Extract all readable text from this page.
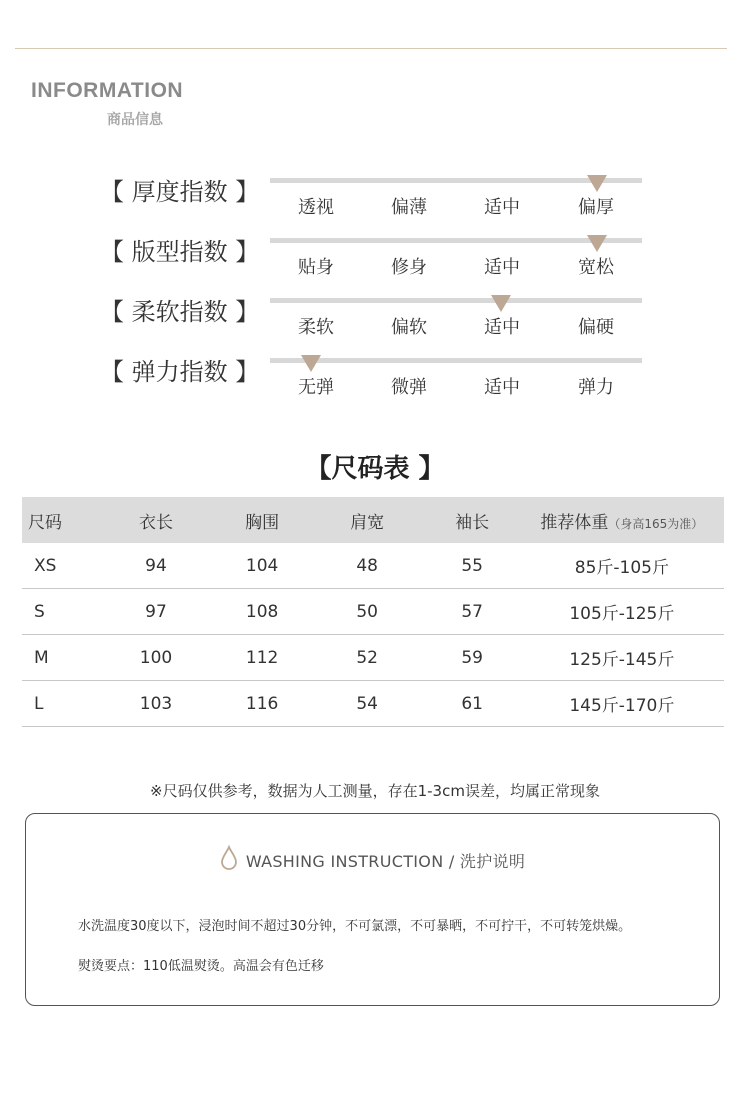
INFORMATION
商品信息
【 厚度指数 】
透视	偏薄	适中	偏厚
【 版型指数 】
贴身	修身	适中	宽松
【 柔软指数 】
柔软	偏软	适中	偏硬
【 弹力指数 】
无弹	微弹	适中	弹力
【尺码表 】
尺码	衣长	胸围	肩宽	袖长	推荐体重（身高165为准）
XS	94	104	48	55	85斤-105斤
S	97	108	50	57	105斤-125斤
M	100	112	52	59	125斤-145斤
L	103	116	54	61	145斤-170斤
※尺码仅供参考，数据为人工测量，存在1-3cm误差，均属正常现象
WASHING INSTRUCTION / 洗护说明
水洗温度30度以下，浸泡时间不超过30分钟，不可氯漂，不可暴晒，不可拧干，不可转笼烘燥。
熨烫要点：110低温熨烫。高温会有色迁移
